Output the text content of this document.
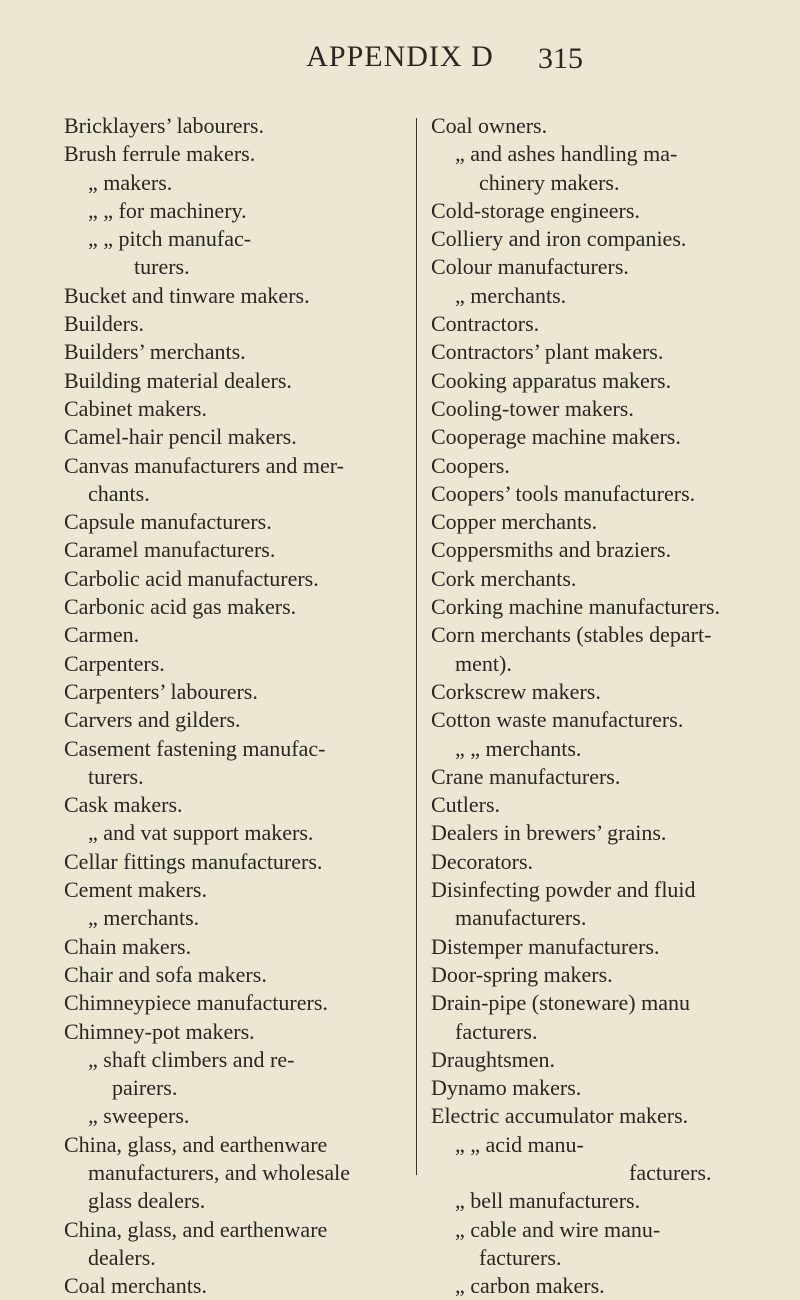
APPENDIX D	315
Bricklayers’ labourers.
Brush ferrule makers.
„ makers.
„ „ for machinery.
„ „ pitch manufac-
turers.
Bucket and tinware makers.
Builders.
Builders’ merchants.
Building material dealers.
Cabinet makers.
Camel-hair pencil makers.
Canvas manufacturers and mer-
chants.
Capsule manufacturers.
Caramel manufacturers.
Carbolic acid manufacturers.
Carbonic acid gas makers.
Carmen.
Carpenters.
Carpenters’ labourers.
Carvers and gilders.
Casement fastening manufac-
turers.
Cask makers.
„ and vat support makers.
Cellar fittings manufacturers.
Cement makers.
„ merchants.
Chain makers.
Chair and sofa makers.
Chimneypiece manufacturers.
Chimney-pot makers.
„ shaft climbers and re-
pairers.
„ sweepers.
China, glass, and earthenware
manufacturers, and wholesale
glass dealers.
China, glass, and earthenware
dealers.
Coal merchants.
Coal owners.
„ and ashes handling ma-
chinery makers.
Cold-storage engineers.
Colliery and iron companies.
Colour manufacturers.
„ merchants.
Contractors.
Contractors’ plant makers.
Cooking apparatus makers.
Cooling-tower makers.
Cooperage machine makers.
Coopers.
Coopers’ tools manufacturers.
Copper merchants.
Coppersmiths and braziers.
Cork merchants.
Corking machine manufacturers.
Corn merchants (stables depart-
ment).
Corkscrew makers.
Cotton waste manufacturers.
„ „ merchants.
Crane manufacturers.
Cutlers.
Dealers in brewers’ grains.
Decorators.
Disinfecting powder and fluid
manufacturers.
Distemper manufacturers.
Door-spring makers.
Drain-pipe (stoneware) manu
facturers.
Draughtsmen.
Dynamo makers.
Electric accumulator makers.
„ „ acid manu-
facturers.
„ bell manufacturers.
„ cable and wire manu-
facturers.
„ carbon makers.
